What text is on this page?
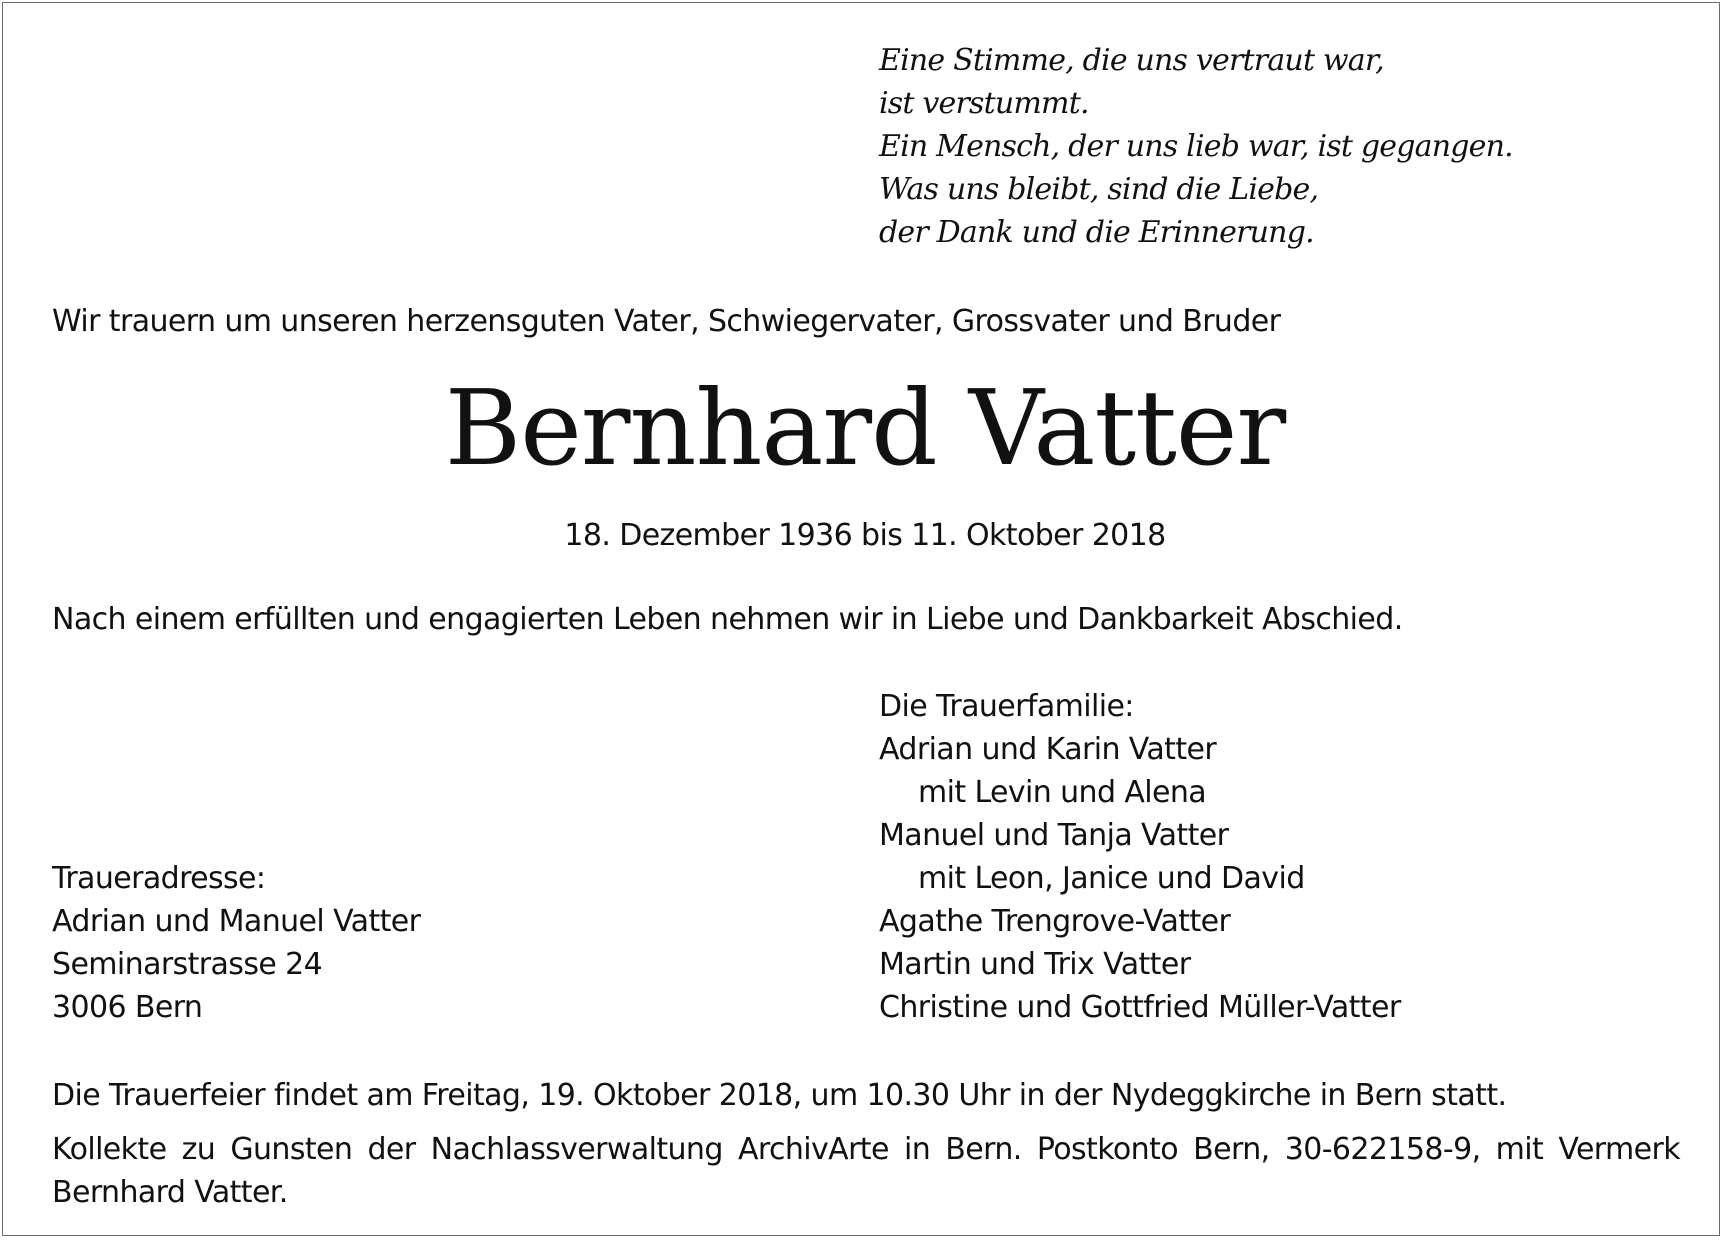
Eine Stimme, die uns vertraut war,
ist verstummt.
Ein Mensch, der uns lieb war, ist gegangen.
Was uns bleibt, sind die Liebe,
der Dank und die Erinnerung.
Wir trauern um unseren herzensguten Vater, Schwiegervater, Grossvater und Bruder
Bernhard Vatter
18. Dezember 1936 bis 11. Oktober 2018
Nach einem erfüllten und engagierten Leben nehmen wir in Liebe und Dankbarkeit Abschied.
Die Trauerfamilie:
Adrian und Karin Vatter
mit Levin und Alena
Manuel und Tanja Vatter
mit Leon, Janice und David
Agathe Trengrove-Vatter
Martin und Trix Vatter
Christine und Gottfried Müller-Vatter
Traueradresse:
Adrian und Manuel Vatter
Seminarstrasse 24
3006 Bern
Die Trauerfeier findet am Freitag, 19. Oktober 2018, um 10.30 Uhr in der Nydeggkirche in Bern statt.
Kollekte zu Gunsten der Nachlassverwaltung ArchivArte in Bern. Postkonto Bern, 30-622158-9, mit Vermerk Bernhard Vatter.
